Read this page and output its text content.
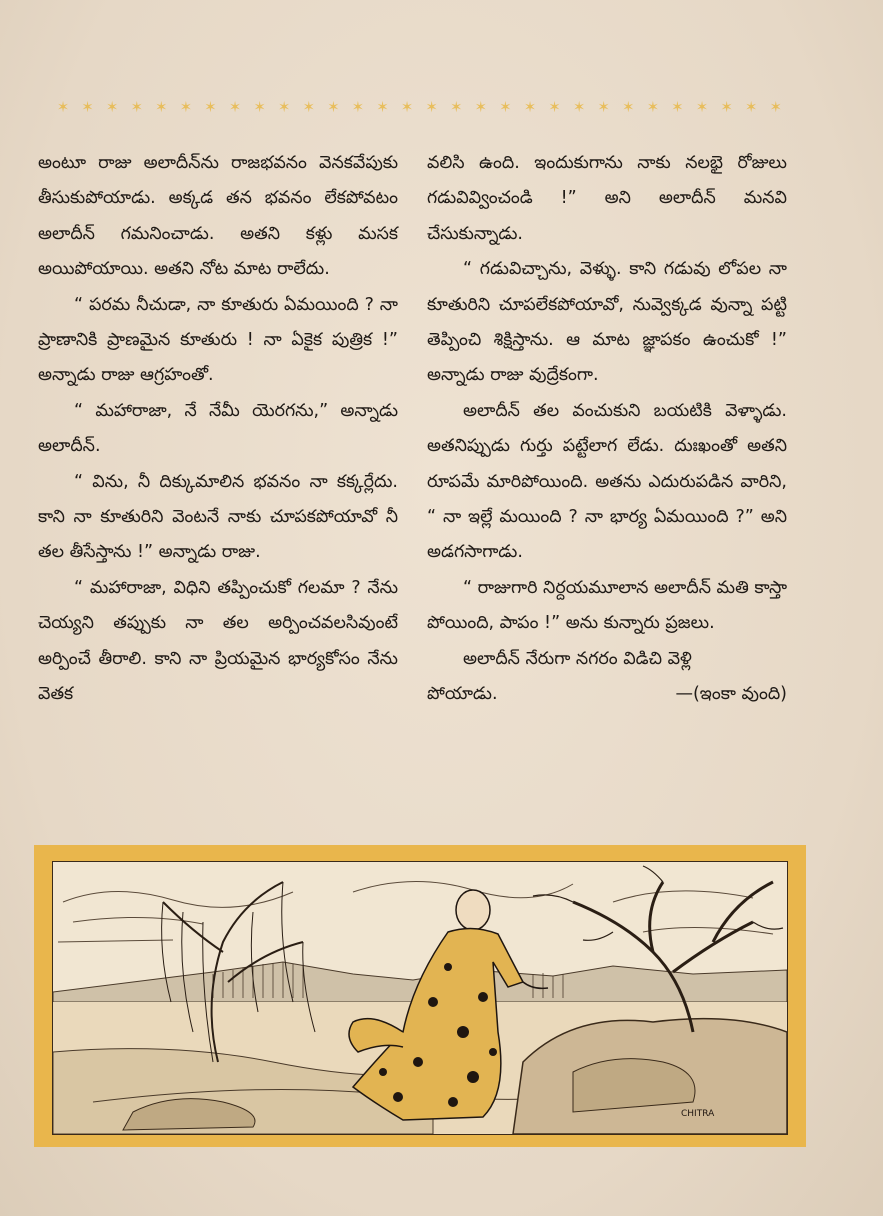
✶ ✶ ✶ ✶ ✶ ✶ ✶ ✶ ✶ ✶ ✶ ✶ ✶ ✶ ✶ ✶ ✶ ✶ ✶ ✶ ✶ ✶ ✶ ✶ ✶ ✶ ✶ ✶ ✶ ✶

అంటూ రాజు అలాదీన్‌ను రాజభవనం వెనకవేపుకు తీసుకుపోయాడు. అక్కడ తన భవనం లేకపోవటం అలాదీన్ గమనించాడు. అతని కళ్లు మసక అయిపోయాయి. అతని నోట మాట రాలేదు.

“ పరమ నీచుడా, నా కూతురు ఏమయింది ? నా ప్రాణానికి ప్రాణమైన కూతురు ! నా ఏకైక పుత్రిక !” అన్నాడు రాజు ఆగ్రహంతో.

“ మహారాజా, నే నేమీ యెరగను,” అన్నాడు అలాదీన్.

“ విను, నీ దిక్కుమాలిన భవనం నా కక్కర్లేదు. కాని నా కూతురిని వెంటనే నాకు చూపకపోయావో నీ తల తీసేస్తాను !” అన్నాడు రాజు.

“ మహారాజా, విధిని తప్పించుకో గలమా ? నేను చెయ్యని తప్పుకు నా తల అర్పించవలసివుంటే అర్పించే తీరాలి. కాని నా ప్రియమైన భార్యకోసం నేను వెతక

వలిసి ఉంది. ఇందుకుగాను నాకు నలభై రోజులు గడువివ్వించండి !” అని అలాదీన్ మనవి చేసుకున్నాడు.

“ గడువిచ్చాను, వెళ్ళు. కాని గడువు లోపల నా కూతురిని చూపలేకపోయావో, నువ్వెక్కడ వున్నా పట్టి తెప్పించి శిక్షిస్తాను. ఆ మాట జ్ఞాపకం ఉంచుకో !” అన్నాడు రాజు వుద్రేకంగా.

అలాదీన్ తల వంచుకుని బయటికి వెళ్ళాడు. అతనిప్పుడు గుర్తు పట్టేలాగ లేడు. దుఃఖంతో అతని రూపమే మారిపోయింది. అతను ఎదురుపడిన వారిని, “ నా ఇల్లే మయింది ? నా భార్య ఏమయింది ?” అని అడగసాగాడు.

“ రాజుగారి నిర్దయమూలాన అలాదీన్ మతి కాస్తా పోయింది, పాపం !” అను కున్నారు ప్రజలు.

అలాదీన్ నేరుగా నగరం విడిచి వెళ్లి

పోయాడు.	—(ఇంకా వుంది)
CHITRA
